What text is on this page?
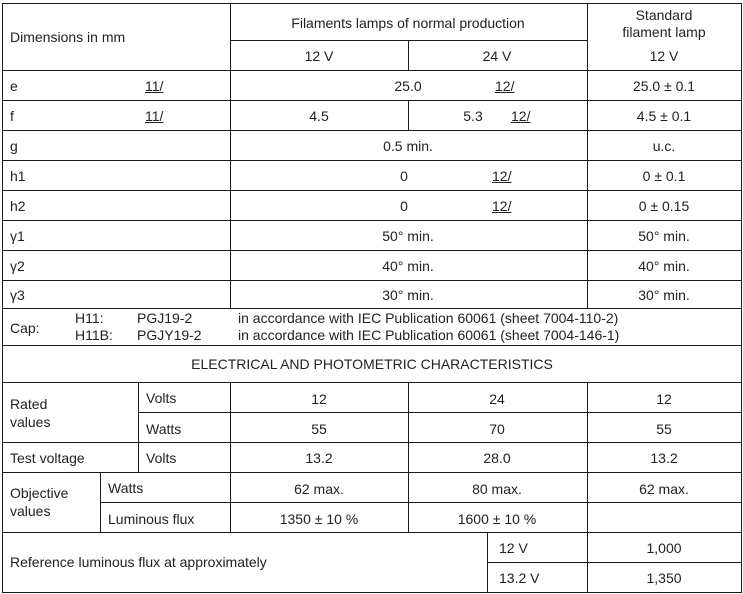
Dimensions in mm
Filaments lamps of normal production	Standard
filament lamp
12 V	24 V	12 V
e	11/	25.0	12/	25.0 ± 0.1
f	11/	4.5	5.3 12/	4.5 ± 0.1
g	0.5 min.	u.c.
h1	0	12/	0 ± 0.1
h2	0	12/	0 ± 0.15
γ1	50° min.	50° min.
γ2	40° min.	40° min.
γ3	30° min.	30° min.
Cap:
H11: PGJ19-2	in accordance with IEC Publication 60061 (sheet 7004-110-2)
H11B: PGJY19-2	in accordance with IEC Publication 60061 (sheet 7004-146-1)
ELECTRICAL AND PHOTOMETRIC CHARACTERISTICS
Rated
values
Volts	12	24	12
Watts	55	70	55
Test voltage	Volts	13.2	28.0	13.2
Objective
values
Watts	62 max.	80 max.	62 max.
Luminous flux	1350 ± 10 %	1600 ± 10 %
Reference luminous flux at approximately
12 V	1,000
13.2 V	1,350
